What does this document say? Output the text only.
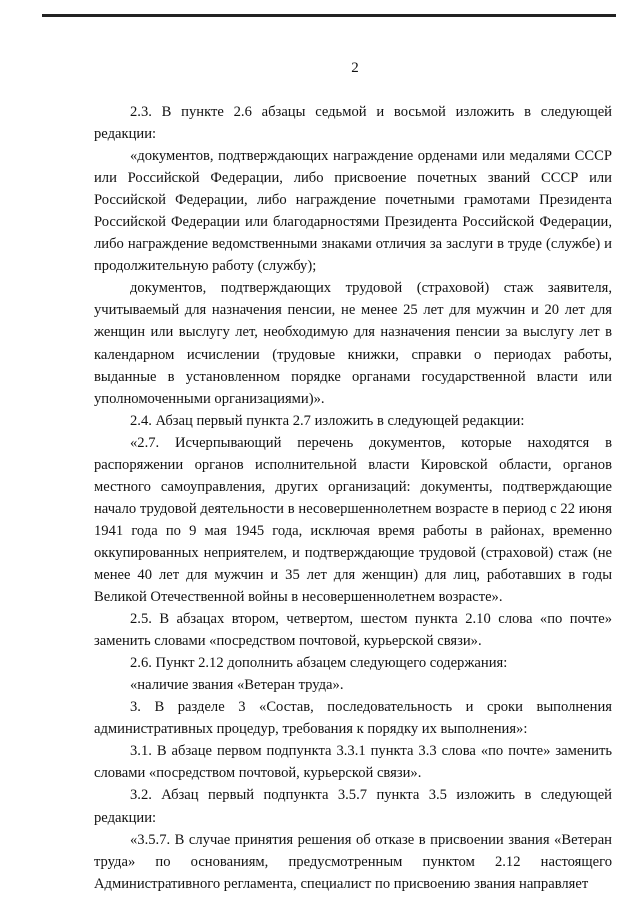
2

2.3. В пункте 2.6 абзацы седьмой и восьмой изложить в следующей редакции:

«документов, подтверждающих награждение орденами или медалями СССР или Российской Федерации, либо присвоение почетных званий СССР или Российской Федерации, либо награждение почетными грамотами Президента Российской Федерации или благодарностями Президента Российской Федерации, либо награждение ведомственными знаками отличия за заслуги в труде (службе) и продолжительную работу (службу);

документов, подтверждающих трудовой (страховой) стаж заявителя, учитываемый для назначения пенсии, не менее 25 лет для мужчин и 20 лет для женщин или выслугу лет, необходимую для назначения пенсии за выслугу лет в календарном исчислении (трудовые книжки, справки о периодах работы, выданные в установленном порядке органами государственной власти или уполномоченными организациями)».

2.4. Абзац первый пункта 2.7 изложить в следующей редакции:

«2.7. Исчерпывающий перечень документов, которые находятся в распоряжении органов исполнительной власти Кировской области, органов местного самоуправления, других организаций: документы, подтверждающие начало трудовой деятельности в несовершеннолетнем возрасте в период с 22 июня 1941 года по 9 мая 1945 года, исключая время работы в районах, временно оккупированных неприятелем, и подтверждающие трудовой (страховой) стаж (не менее 40 лет для мужчин и 35 лет для женщин) для лиц, работавших в годы Великой Отечественной войны в несовершеннолетнем возрасте».

2.5. В абзацах втором, четвертом, шестом пункта 2.10 слова «по почте» заменить словами «посредством почтовой, курьерской связи».

2.6. Пункт 2.12 дополнить абзацем следующего содержания:

«наличие звания «Ветеран труда».

3. В разделе 3 «Состав, последовательность и сроки выполнения административных процедур, требования к порядку их выполнения»:

3.1. В абзаце первом подпункта 3.3.1 пункта 3.3 слова «по почте» заменить словами «посредством почтовой, курьерской связи».

3.2. Абзац первый подпункта 3.5.7 пункта 3.5 изложить в следующей редакции:

«3.5.7. В случае принятия решения об отказе в присвоении звания «Ветеран труда» по основаниям, предусмотренным пунктом 2.12 настоящего Административного регламента, специалист по присвоению звания направляет
